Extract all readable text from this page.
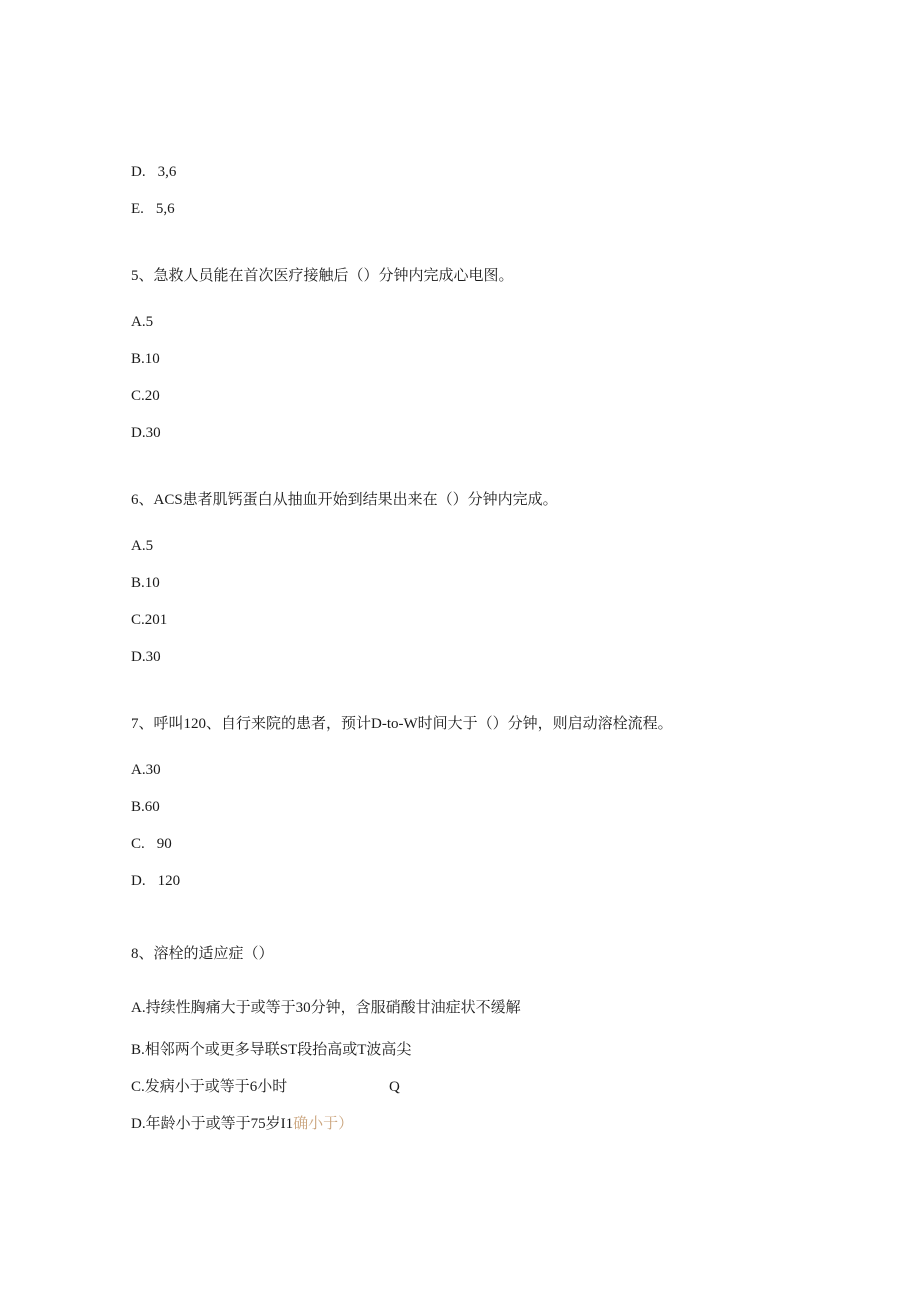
D. 3,6
E. 5,6
5、急救人员能在首次医疗接触后（）分钟内完成心电图。
A.5
B.10
C.20
D.30
6、ACS患者肌钙蛋白从抽血开始到结果出来在（）分钟内完成。
A.5
B.10
C.201
D.30
7、呼叫120、自行来院的患者，预计D-to-W时间大于（）分钟，则启动溶栓流程。
A.30
B.60
C. 90
D. 120
8、溶栓的适应症（）
A.持续性胸痛大于或等于30分钟，含服硝酸甘油症状不缓解
B.相邻两个或更多导联ST段抬高或T波高尖
C.发病小于或等于6小时	Q
D.年龄小于或等于75岁I1确小于）
